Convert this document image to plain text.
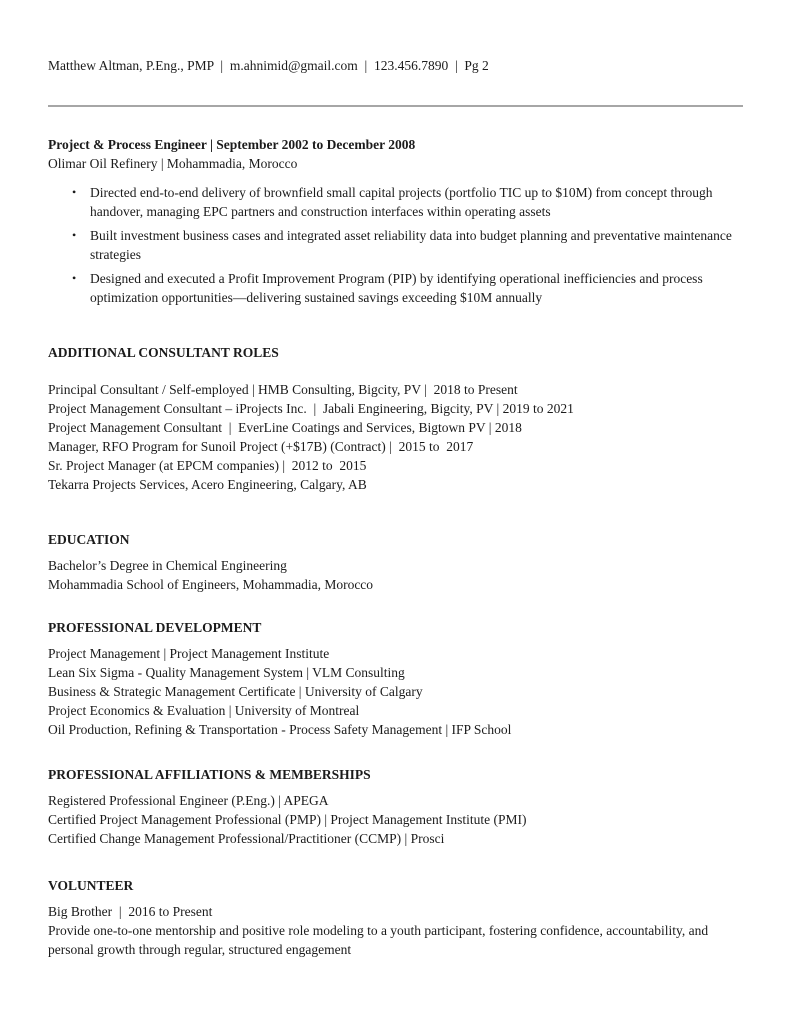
Matthew Altman, P.Eng., PMP  |  m.ahnimid@gmail.com  |  123.456.7890  |  Pg 2
Project & Process Engineer | September 2002 to December 2008
Olimar Oil Refinery | Mohammadia, Morocco
• Directed end-to-end delivery of brownfield small capital projects (portfolio TIC up to $10M) from concept through handover, managing EPC partners and construction interfaces within operating assets
• Built investment business cases and integrated asset reliability data into budget planning and preventative maintenance strategies
• Designed and executed a Profit Improvement Program (PIP) by identifying operational inefficiencies and process optimization opportunities—delivering sustained savings exceeding $10M annually
ADDITIONAL CONSULTANT ROLES
Principal Consultant / Self-employed | HMB Consulting, Bigcity, PV |  2018 to Present
Project Management Consultant – iProjects Inc.  |  Jabali Engineering, Bigcity, PV | 2019 to 2021
Project Management Consultant  |  EverLine Coatings and Services, Bigtown PV | 2018
Manager, RFO Program for Sunoil Project (+$17B) (Contract) |  2015 to  2017
Sr. Project Manager (at EPCM companies) |  2012 to  2015
Tekarra Projects Services, Acero Engineering, Calgary, AB
EDUCATION
Bachelor’s Degree in Chemical Engineering
Mohammadia School of Engineers, Mohammadia, Morocco
PROFESSIONAL DEVELOPMENT
Project Management | Project Management Institute
Lean Six Sigma - Quality Management System | VLM Consulting
Business & Strategic Management Certificate | University of Calgary
Project Economics & Evaluation | University of Montreal
Oil Production, Refining & Transportation - Process Safety Management | IFP School
PROFESSIONAL AFFILIATIONS & MEMBERSHIPS
Registered Professional Engineer (P.Eng.) | APEGA
Certified Project Management Professional (PMP) | Project Management Institute (PMI)
Certified Change Management Professional/Practitioner (CCMP) | Prosci
VOLUNTEER
Big Brother  |  2016 to Present
Provide one-to-one mentorship and positive role modeling to a youth participant, fostering confidence, accountability, and personal growth through regular, structured engagement
